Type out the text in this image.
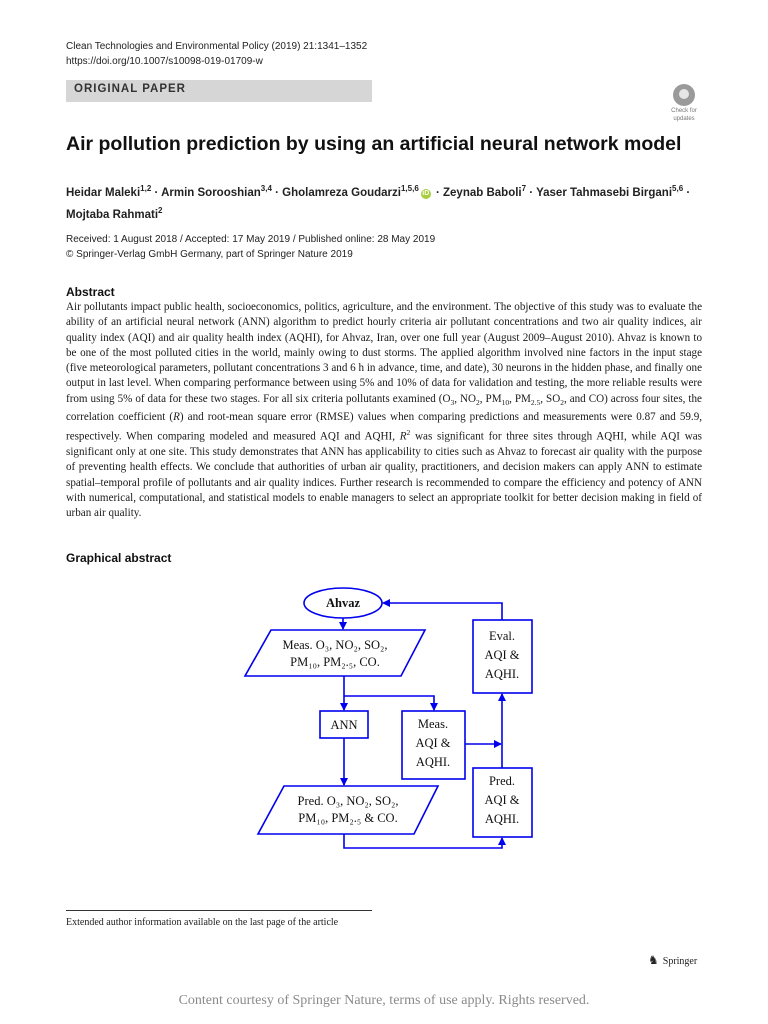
Clean Technologies and Environmental Policy (2019) 21:1341–1352
https://doi.org/10.1007/s10098-019-01709-w
ORIGINAL PAPER
Check for
updates
Air pollution prediction by using an artificial neural network model
Heidar Maleki$^{1,2}$ · Armin Sorooshian$^{3,4}$ · Gholamreza Goudarzi$^{1,5,6}$iD · Zeynab Baboli$^7$ · Yaser Tahmasebi Birgani$^{5,6}$ ·
Mojtaba Rahmati$^2$
Received: 1 August 2018 / Accepted: 17 May 2019 / Published online: 28 May 2019
© Springer-Verlag GmbH Germany, part of Springer Nature 2019
Abstract
Air pollutants impact public health, socioeconomics, politics, agriculture, and the environment. The objective of this study was to evaluate the ability of an artificial neural network (ANN) algorithm to predict hourly criteria air pollutant concentrations and two air quality indices, air quality index (AQI) and air quality health index (AQHI), for Ahvaz, Iran, over one full year (August 2009–August 2010). Ahvaz is known to be one of the most polluted cities in the world, mainly owing to dust storms. The applied algorithm involved nine factors in the input stage (five meteorological parameters, pollutant concentrations 3 and 6 h in advance, time, and date), 30 neurons in the hidden phase, and finally one output in last level. When comparing performance between using 5% and 10% of data for validation and testing, the more reliable results were from using 5% of data for these two stages. For all six criteria pollutants examined ($O_3$, $NO_2$, $PM_{10}$, $PM_{2.5}$, $SO_2$, and CO) across four sites, the correlation coefficient (R) and root-mean square error (RMSE) values when comparing predictions and measurements were 0.87 and 59.9, respectively. When comparing modeled and measured AQI and AQHI, $R^2$ was significant for three sites through AQHI, while AQI was significant only at one site. This study demonstrates that ANN has applicability to cities such as Ahvaz to forecast air quality with the purpose of preventing health effects. We conclude that authorities of urban air quality, practitioners, and decision makers can apply ANN to estimate spatial–temporal profile of pollutants and air quality indices. Further research is recommended to compare the efficiency and potency of ANN with numerical, computational, and statistical models to enable managers to select an appropriate toolkit for better decision making in field of urban air quality.
Graphical abstract
Ahvaz
Meas. O₃, NO₂, SO₂,
PM₁₀, PM₂.₅, CO.
ANN	Meas.
AQI &
AQHI.
Eval.
AQI &
AQHI.
Pred. O₃, NO₂, SO₂,
PM₁₀, PM₂.₅ & CO.
Pred.
AQI &
AQHI.
Extended author information available on the last page of the article
♞ Springer
Content courtesy of Springer Nature, terms of use apply. Rights reserved.
